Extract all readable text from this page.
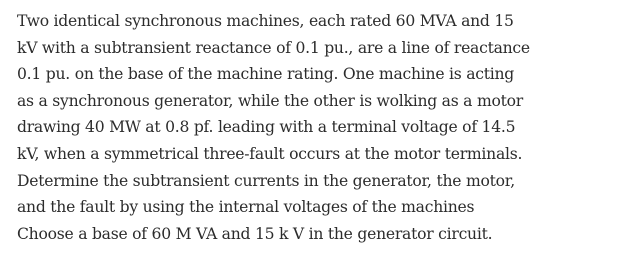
Two identical synchronous machines, each rated 60 MVA and 15
kV with a subtransient reactance of 0.1 pu., are a line of reactance
0.1 pu. on the base of the machine rating. One machine is acting
as a synchronous generator, while the other is wolking as a motor
drawing 40 MW at 0.8 pf. leading with a terminal voltage of 14.5
kV, when a symmetrical three-fault occurs at the motor terminals.
Determine the subtransient currents in the generator, the motor,
and the fault by using the internal voltages of the machines
Choose a base of 60 M VA and 15 k V in the generator circuit.
